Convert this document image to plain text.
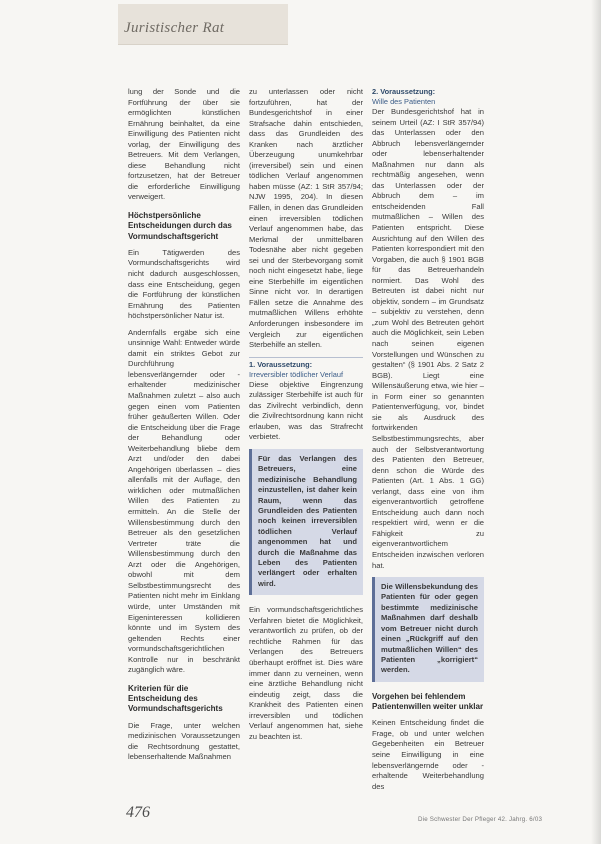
Juristischer Rat

lung der Sonde und die Fortführung der über sie ermöglichten künstlichen Ernährung beinhaltet, da eine Einwilligung des Patienten nicht vorlag, der Einwilligung des Betreuers. Mit dem Verlangen, diese Behandlung nicht fortzusetzen, hat der Betreuer die erforderliche Einwilligung verweigert.

Höchstpersönliche Entscheidungen durch das Vormundschaftsgericht

Ein Tätigwerden des Vormundschaftsgerichts wird nicht dadurch ausgeschlossen, dass eine Entscheidung, gegen die Fortführung der künstlichen Ernährung des Patienten höchstpersönlicher Natur ist.

Andernfalls ergäbe sich eine unsinnige Wahl: Entweder würde damit ein striktes Gebot zur Durchführung lebensverlängernder oder -erhaltender medizinischer Maßnahmen zuletzt – also auch gegen einen vom Patienten früher geäußerten Willen. Oder die Entscheidung über die Frage der Behandlung oder Weiterbehandlung bliebe dem Arzt und/oder den dabei Angehörigen überlassen – dies allenfalls mit der Auflage, den wirklichen oder mutmaßlichen Willen des Patienten zu ermitteln. An die Stelle der Willensbestimmung durch den Betreuer als den gesetzlichen Vertreter träte die Willensbestimmung durch den Arzt oder die Angehörigen, obwohl mit dem Selbstbestimmungsrecht des Patienten nicht mehr im Einklang würde, unter Umständen mit Eigeninteressen kollidieren könnte und im System des geltenden Rechts einer vormundschaftsgerichtlichen Kontrolle nur in beschränkt zugänglich wäre.

Kriterien für die Entscheidung des Vormundschaftsgerichts

Die Frage, unter welchen medizinischen Voraussetzungen die Rechtsordnung gestattet, lebenserhaltende Maßnahmen

zu unterlassen oder nicht fortzuführen, hat der Bundesgerichtshof in einer Strafsache dahin entschieden, dass das Grundleiden des Kranken nach ärztlicher Überzeugung unumkehrbar (irreversibel) sein und einen tödlichen Verlauf angenommen haben müsse (AZ: 1 StR 357/94; NJW 1995, 204). In diesen Fällen, in denen das Grundleiden einen irreversiblen tödlichen Verlauf angenommen habe, das Merkmal der unmittelbaren Todesnähe aber nicht gegeben sei und der Sterbevorgang somit noch nicht eingesetzt habe, liege eine Sterbehilfe im eigentlichen Sinne nicht vor. In derartigen Fällen setze die Annahme des mutmaßlichen Willens erhöhte Anforderungen insbesondere im Vergleich zur eigentlichen Sterbehilfe an stellen.

1. Voraussetzung:
Irreversibler tödlicher Verlauf

Diese objektive Eingrenzung zulässiger Sterbehilfe ist auch für das Zivilrecht verbindlich, denn die Zivilrechtsordnung kann nicht erlauben, was das Strafrecht verbietet.

Für das Verlangen des Betreuers, eine medizinische Behandlung einzustellen, ist daher kein Raum, wenn das Grundleiden des Patienten noch keinen irreversiblen tödlichen Verlauf angenommen hat und durch die Maßnahme das Leben des Patienten verlängert oder erhalten wird.

Ein vormundschaftsgerichtliches Verfahren bietet die Möglichkeit, verantwortlich zu prüfen, ob der rechtliche Rahmen für das Verlangen des Betreuers überhaupt eröffnet ist. Dies wäre immer dann zu verneinen, wenn eine ärztliche Behandlung nicht eindeutig zeigt, dass die Krankheit des Patienten einen irreversiblen und tödlichen Verlauf angenommen hat, siehe zu beachten ist.

2. Voraussetzung:
Wille des Patienten

Der Bundesgerichtshof hat in seinem Urteil (AZ: I StR 357/94) das Unterlassen oder den Abbruch lebensverlängernder oder lebenserhaltender Maßnahmen nur dann als rechtmäßig angesehen, wenn das Unterlassen oder der Abbruch dem – im entscheidenden Fall mutmaßlichen – Willen des Patienten entspricht. Diese Ausrichtung auf den Willen des Patienten korrespondiert mit den Vorgaben, die auch § 1901 BGB für das Betreuerhandeln normiert. Das Wohl des Betreuten ist dabei nicht nur objektiv, sondern – im Grundsatz – subjektiv zu verstehen, denn „zum Wohl des Betreuten gehört auch die Möglichkeit, sein Leben nach seinen eigenen Vorstellungen und Wünschen zu gestalten“ (§ 1901 Abs. 2 Satz 2 BGB). Liegt eine Willensäußerung etwa, wie hier – in Form einer so genannten Patientenverfügung, vor, bindet sie als Ausdruck des fortwirkenden Selbstbestimmungsrechts, aber auch der Selbstverantwortung des Patienten den Betreuer, denn schon die Würde des Patienten (Art. 1 Abs. 1 GG) verlangt, dass eine von ihm eigenverantwortlich getroffene Entscheidung auch dann noch respektiert wird, wenn er die Fähigkeit zu eigenverantwortlichem Entscheiden inzwischen verloren hat.

Die Willensbekundung des Patienten für oder gegen bestimmte medizinische Maßnahmen darf deshalb vom Betreuer nicht durch einen „Rückgriff auf den mutmaßlichen Willen“ des Patienten „korrigiert“ werden.
Vorgehen bei fehlendem Patientenwillen weiter unklar

Keinen Entscheidung findet die Frage, ob und unter welchen Gegebenheiten ein Betreuer seine Einwilligung in eine lebensverlängernde oder -erhaltende Weiterbehandlung des

476	Die Schwester Der Pfleger 42. Jahrg. 6/03
